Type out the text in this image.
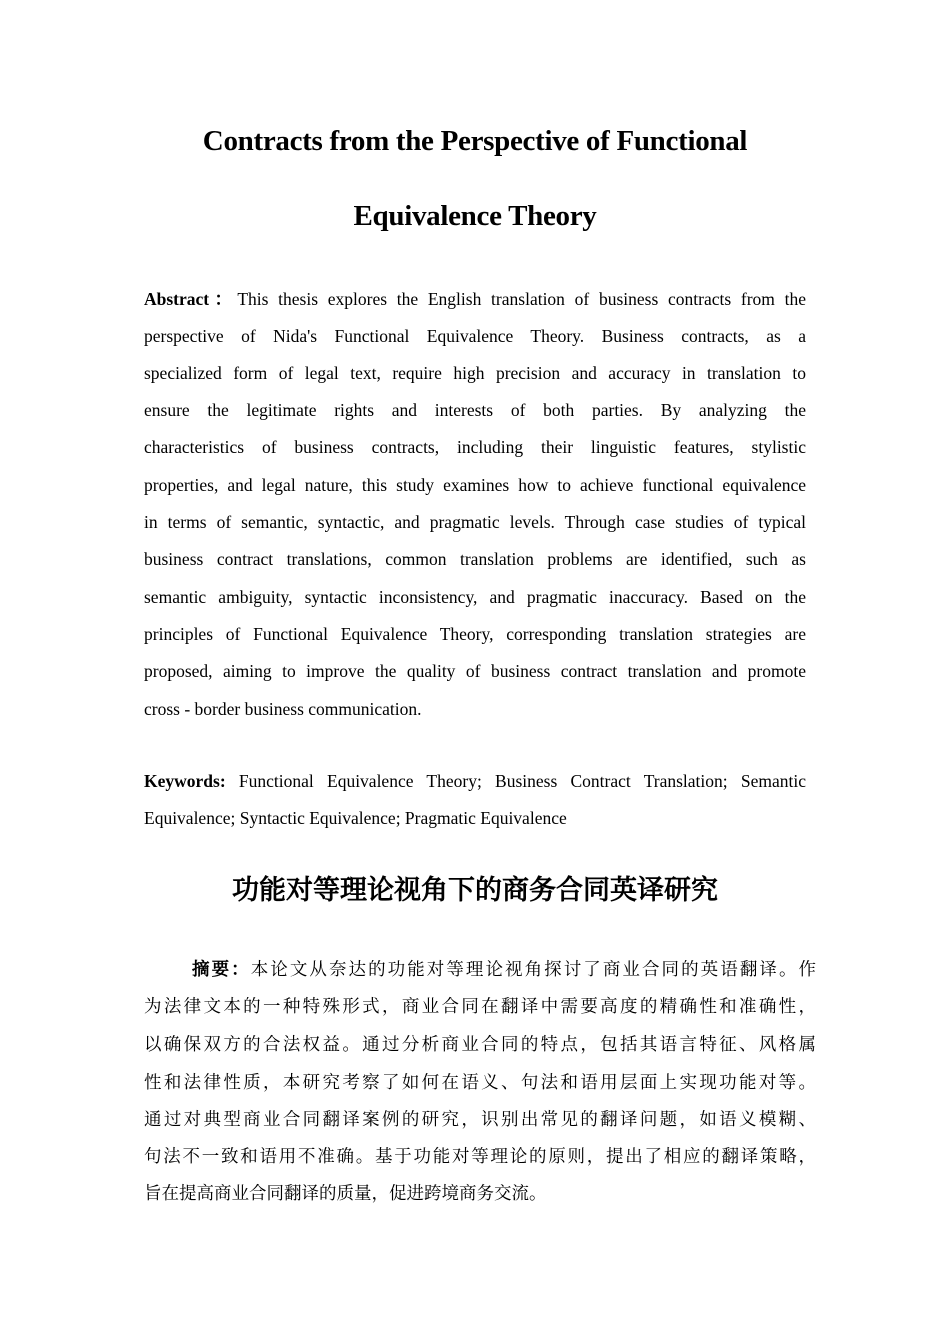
Contracts from the Perspective of Functional
Equivalence Theory
Abstract：This thesis explores the English translation of business contracts from the
perspective of Nida's Functional Equivalence Theory. Business contracts, as a
specialized form of legal text, require high precision and accuracy in translation to
ensure the legitimate rights and interests of both parties. By analyzing the
characteristics of business contracts, including their linguistic features, stylistic
properties, and legal nature, this study examines how to achieve functional equivalence
in terms of semantic, syntactic, and pragmatic levels. Through case studies of typical
business contract translations, common translation problems are identified, such as
semantic ambiguity, syntactic inconsistency, and pragmatic inaccuracy. Based on the
principles of Functional Equivalence Theory, corresponding translation strategies are
proposed, aiming to improve the quality of business contract translation and promote
cross - border business communication.
Keywords: Functional Equivalence Theory; Business Contract Translation; Semantic
Equivalence; Syntactic Equivalence; Pragmatic Equivalence
功能对等理论视角下的商务合同英译研究
摘要：本论文从奈达的功能对等理论视角探讨了商业合同的英语翻译。作
为法律文本的一种特殊形式，商业合同在翻译中需要高度的精确性和准确性，
以确保双方的合法权益。通过分析商业合同的特点，包括其语言特征、风格属
性和法律性质，本研究考察了如何在语义、句法和语用层面上实现功能对等。
通过对典型商业合同翻译案例的研究，识别出常见的翻译问题，如语义模糊、
句法不一致和语用不准确。基于功能对等理论的原则，提出了相应的翻译策略，
旨在提高商业合同翻译的质量，促进跨境商务交流。
